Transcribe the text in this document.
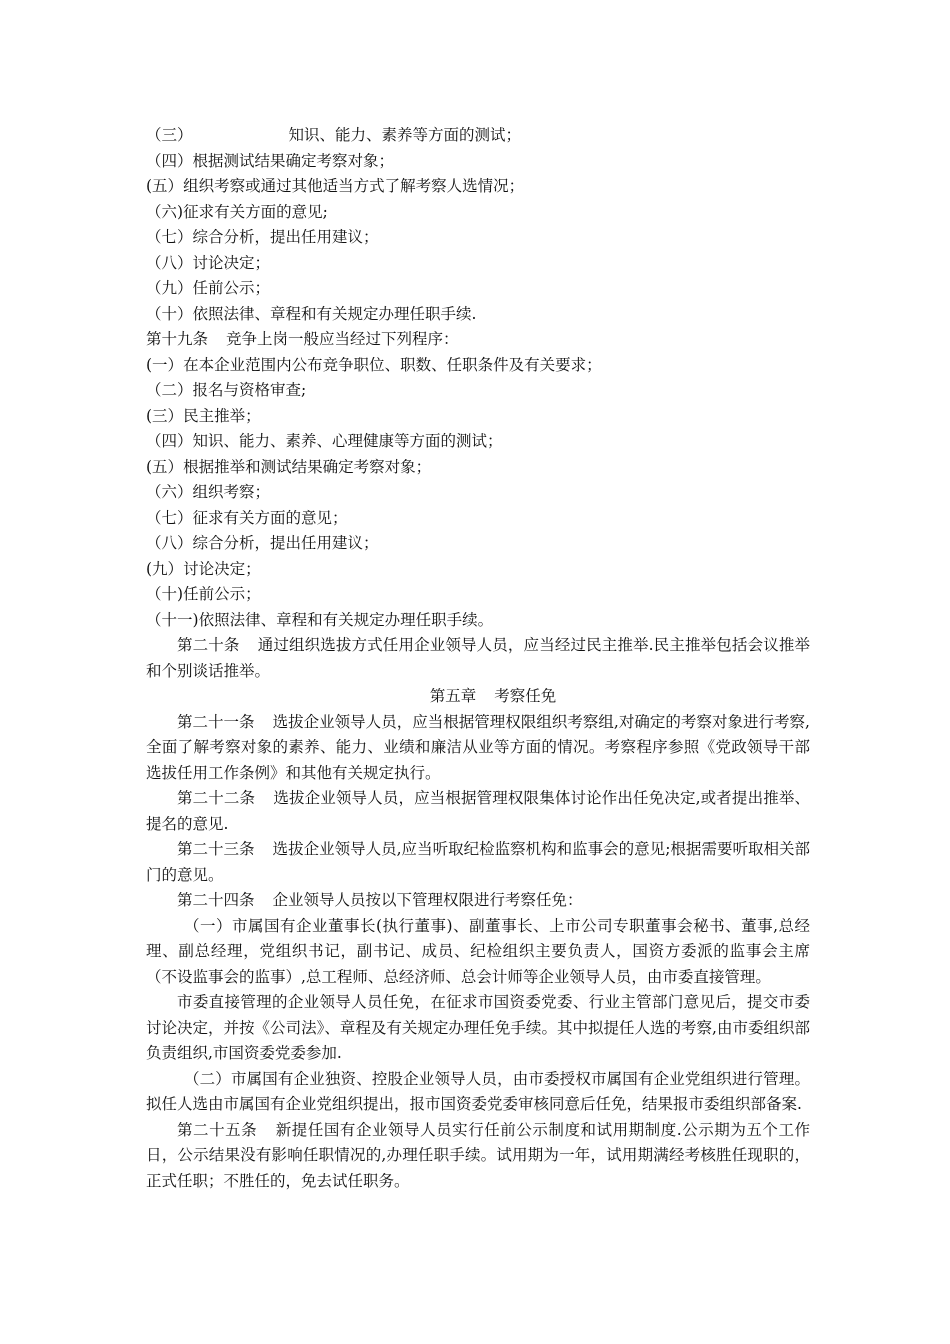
（三）	知识、能力、素养等方面的测试；
（四）根据测试结果确定考察对象；
(五）组织考察或通过其他适当方式了解考察人选情况；
（六)征求有关方面的意见;
（七）综合分析，提出任用建议；
（八）讨论决定；
（九）任前公示；
（十）依照法律、章程和有关规定办理任职手续.
第十九条 竞争上岗一般应当经过下列程序：
(一）在本企业范围内公布竞争职位、职数、任职条件及有关要求；
（二）报名与资格审查;
(三）民主推举；
（四）知识、能力、素养、心理健康等方面的测试；
(五）根据推举和测试结果确定考察对象；
（六）组织考察；
（七）征求有关方面的意见；
（八）综合分析，提出任用建议；
(九）讨论决定；
（十)任前公示；
（十一)依照法律、章程和有关规定办理任职手续。
第二十条 通过组织选拔方式任用企业领导人员，应当经过民主推举.民主推举包括会议推举和个别谈话推举。
第五章 考察任免
第二十一条 选拔企业领导人员，应当根据管理权限组织考察组,对确定的考察对象进行考察,全面了解考察对象的素养、能力、业绩和廉洁从业等方面的情况。考察程序参照《党政领导干部选拔任用工作条例》和其他有关规定执行。
第二十二条 选拔企业领导人员，应当根据管理权限集体讨论作出任免决定,或者提出推举、提名的意见.
第二十三条 选拔企业领导人员,应当听取纪检监察机构和监事会的意见;根据需要听取相关部门的意见。
第二十四条 企业领导人员按以下管理权限进行考察任免：
（一）市属国有企业董事长(执行董事)、副董事长、上市公司专职董事会秘书、董事,总经理、副总经理，党组织书记，副书记、成员、纪检组织主要负责人，国资方委派的监事会主席（不设监事会的监事）,总工程师、总经济师、总会计师等企业领导人员，由市委直接管理。
市委直接管理的企业领导人员任免，在征求市国资委党委、行业主管部门意见后，提交市委讨论决定，并按《公司法》、章程及有关规定办理任免手续。其中拟提任人选的考察,由市委组织部负责组织,市国资委党委参加.
（二）市属国有企业独资、控股企业领导人员，由市委授权市属国有企业党组织进行管理。拟任人选由市属国有企业党组织提出，报市国资委党委审核同意后任免，结果报市委组织部备案.
第二十五条 新提任国有企业领导人员实行任前公示制度和试用期制度.公示期为五个工作日，公示结果没有影响任职情况的,办理任职手续。试用期为一年，试用期满经考核胜任现职的，正式任职；不胜任的，免去试任职务。
